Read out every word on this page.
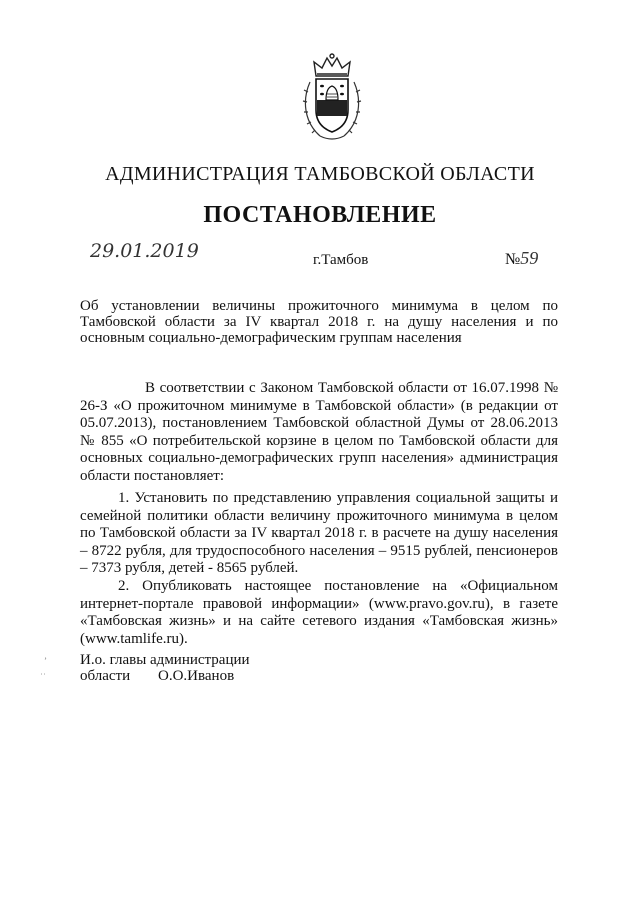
АДМИНИСТРАЦИЯ ТАМБОВСКОЙ ОБЛАСТИ
ПОСТАНОВЛЕНИЕ
29.01.2019	г.Тамбов	№59
Об установлении величины прожиточного минимума в целом по Тамбовской области за IV квартал 2018 г. на душу населения и по основным социально-демографическим группам населения
В соответствии с Законом Тамбовской области от 16.07.1998 № 26-З «О прожиточном минимуме в Тамбовской области» (в редакции от 05.07.2013), постановлением Тамбовской областной Думы от 28.06.2013 № 855 «О потребительской корзине в целом по Тамбовской области для основных социально-демографических групп населения» администрация области постановляет:
1. Установить по представлению управления социальной защиты и семейной политики области величину прожиточного минимума в целом по Тамбовской области за IV квартал 2018 г. в расчете на душу населения – 8722 рубля, для трудоспособного населения – 9515 рублей, пенсионеров – 7373 рубля, детей - 8565 рублей.
2. Опубликовать настоящее постановление на «Официальном интернет-портале правовой информации» (www.pravo.gov.ru), в газете «Тамбовская жизнь» и на сайте сетевого издания «Тамбовская жизнь» (www.tamlife.ru).
ʼ
˙˙
И.о. главы администрации
области О.О.Иванов
